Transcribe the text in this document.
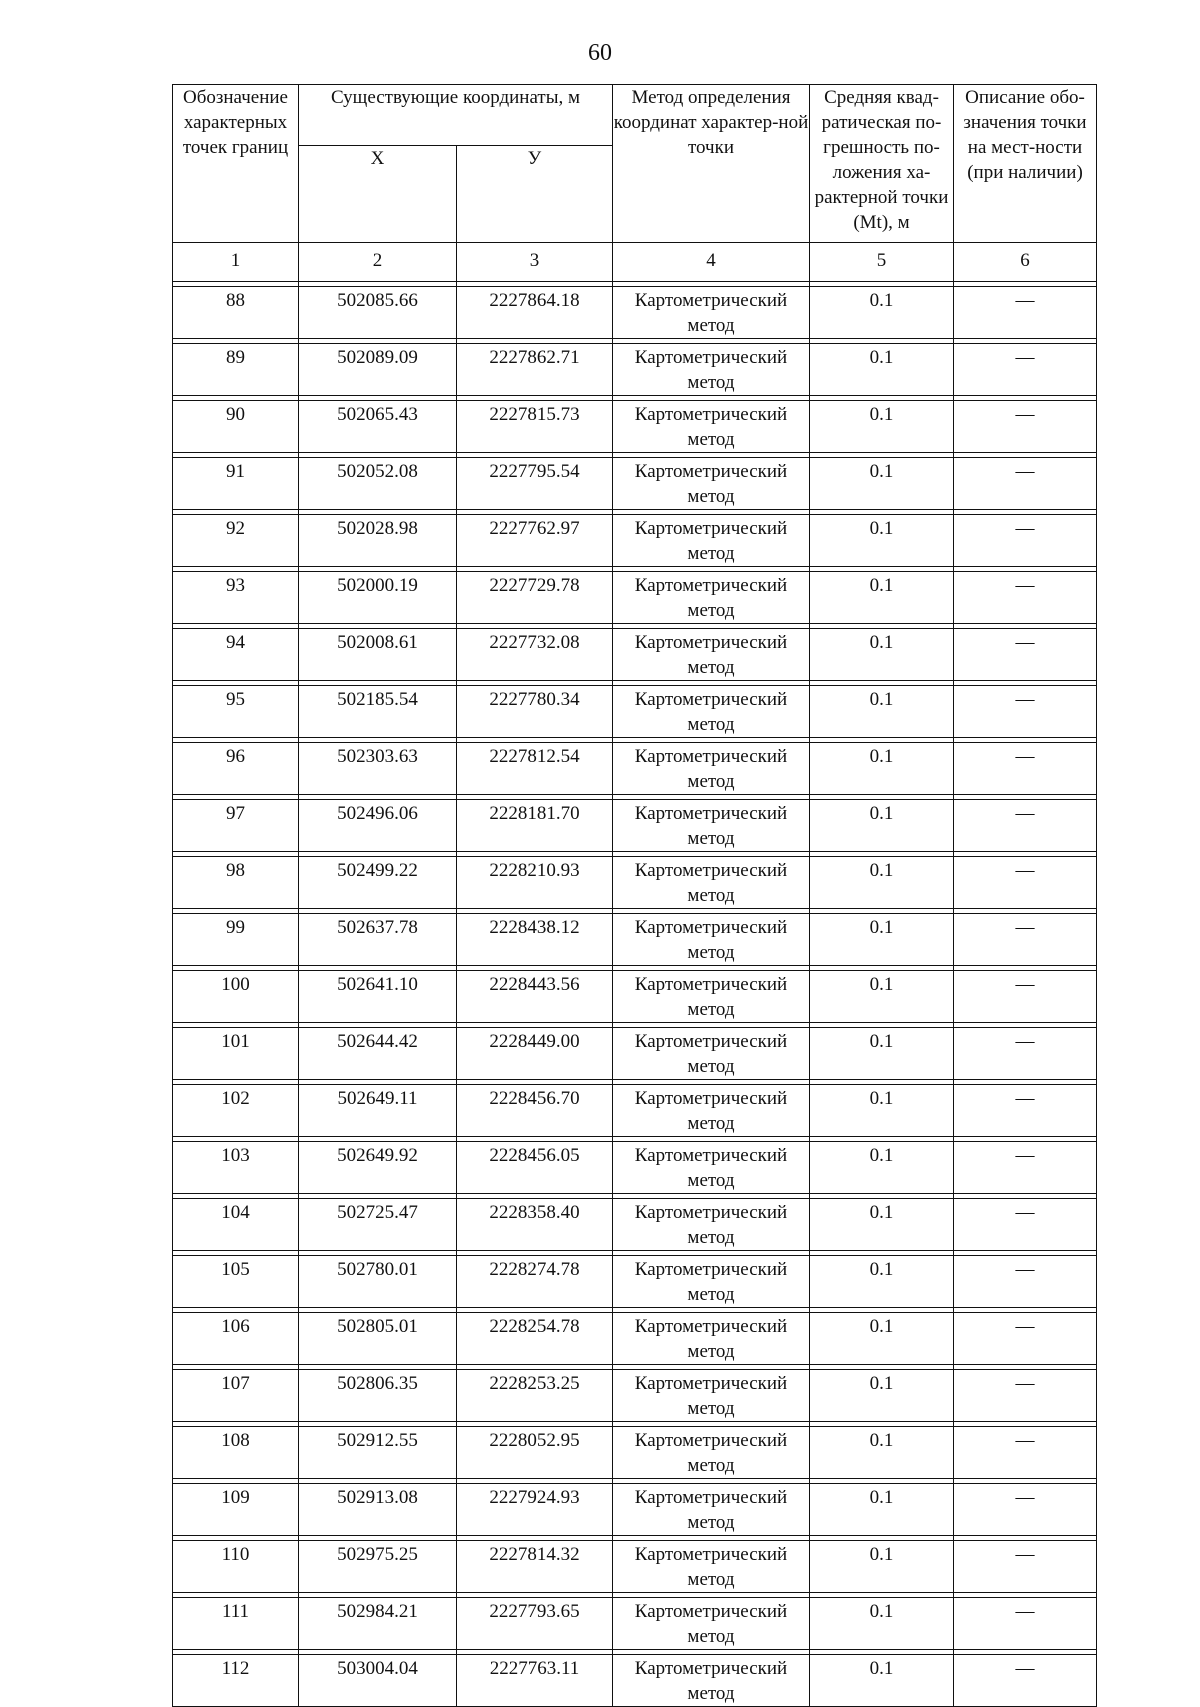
60
Обозначение характерных точек границ	Существующие координаты, м		Метод определения координат характер-ной точки	Средняя квад-ратическая по-грешность по-ложения ха-рактерной точки (Mt), м	Описание обо-значения точки на мест-ности (при наличии)
	Х	У			
1	2	3	4	5	6

88	502085.66	2227864.18	Картометрический метод	0.1	—

89	502089.09	2227862.71	Картометрический метод	0.1	—

90	502065.43	2227815.73	Картометрический метод	0.1	—

91	502052.08	2227795.54	Картометрический метод	0.1	—

92	502028.98	2227762.97	Картометрический метод	0.1	—

93	502000.19	2227729.78	Картометрический метод	0.1	—

94	502008.61	2227732.08	Картометрический метод	0.1	—

95	502185.54	2227780.34	Картометрический метод	0.1	—

96	502303.63	2227812.54	Картометрический метод	0.1	—

97	502496.06	2228181.70	Картометрический метод	0.1	—

98	502499.22	2228210.93	Картометрический метод	0.1	—

99	502637.78	2228438.12	Картометрический метод	0.1	—

100	502641.10	2228443.56	Картометрический метод	0.1	—

101	502644.42	2228449.00	Картометрический метод	0.1	—

102	502649.11	2228456.70	Картометрический метод	0.1	—

103	502649.92	2228456.05	Картометрический метод	0.1	—

104	502725.47	2228358.40	Картометрический метод	0.1	—

105	502780.01	2228274.78	Картометрический метод	0.1	—

106	502805.01	2228254.78	Картометрический метод	0.1	—

107	502806.35	2228253.25	Картометрический метод	0.1	—

108	502912.55	2228052.95	Картометрический метод	0.1	—

109	502913.08	2227924.93	Картометрический метод	0.1	—

110	502975.25	2227814.32	Картометрический метод	0.1	—

111	502984.21	2227793.65	Картометрический метод	0.1	—

112	503004.04	2227763.11	Картометрический метод	0.1	—
